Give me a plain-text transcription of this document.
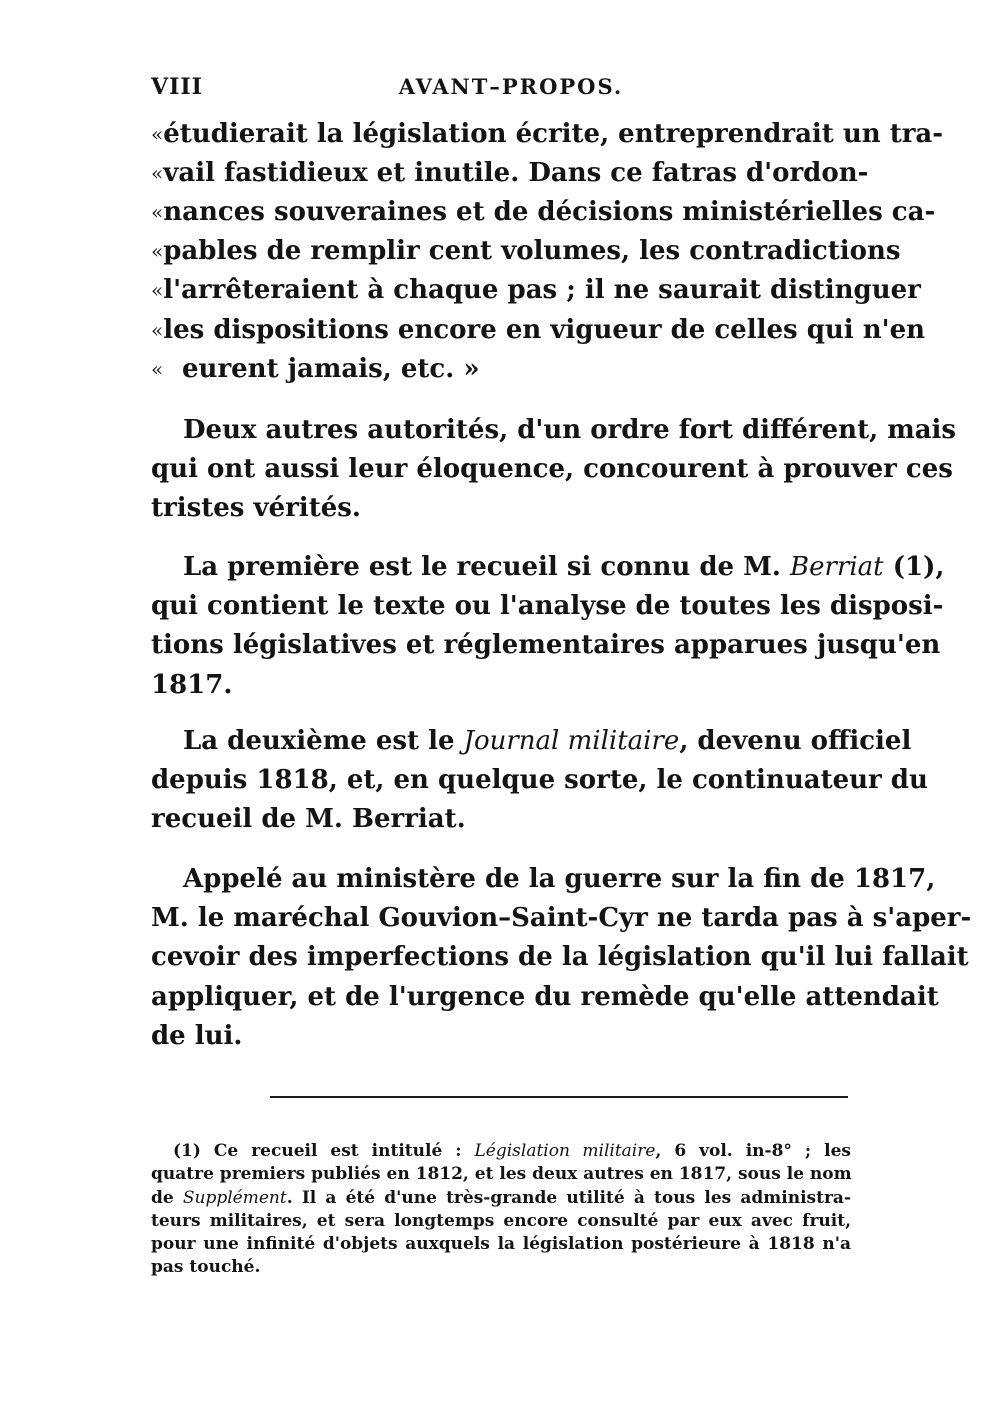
VIII	AVANT–PROPOS.
« étudierait la législation écrite, entreprendrait un tra-
« vail fastidieux et inutile. Dans ce fatras d'ordon-
« nances souveraines et de décisions ministérielles ca-
« pables de remplir cent volumes, les contradictions
« l'arrêteraient à chaque pas ; il ne saurait distinguer
« les dispositions encore en vigueur de celles qui n'en
« eurent jamais, etc. »
Deux autres autorités, d'un ordre fort différent, mais
qui ont aussi leur éloquence, concourent à prouver ces
tristes vérités.
La première est le recueil si connu de M. Berriat (1),
qui contient le texte ou l'analyse de toutes les disposi-
tions législatives et réglementaires apparues jusqu'en
1817.
La deuxième est le Journal militaire, devenu officiel
depuis 1818, et, en quelque sorte, le continuateur du
recueil de M. Berriat.
Appelé au ministère de la guerre sur la fin de 1817,
M. le maréchal Gouvion–Saint-Cyr ne tarda pas à s'aper-
cevoir des imperfections de la législation qu'il lui fallait
appliquer, et de l'urgence du remède qu'elle attendait
de lui.
(1) Ce recueil est intitulé : Législation militaire, 6 vol. in-8° ; les
quatre premiers publiés en 1812, et les deux autres en 1817, sous le nom
de Supplément. Il a été d'une très-grande utilité à tous les administra-
teurs militaires, et sera longtemps encore consulté par eux avec fruit,
pour une infinité d'objets auxquels la législation postérieure à 1818 n'a
pas touché.
